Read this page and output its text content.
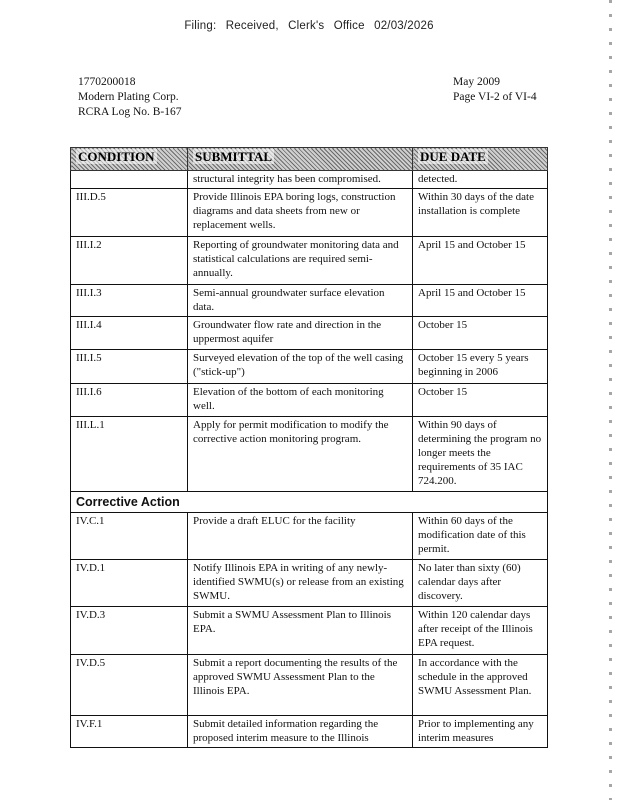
Filing: Received, Clerk's Office 02/03/2026
1770200018
Modern Plating Corp.
RCRA Log No. B-167
May 2009
Page VI-2 of VI-4
CONDITION	SUBMITTAL	DUE DATE
	structural integrity has been compromised.	detected.
III.D.5	Provide Illinois EPA boring logs, construction diagrams and data sheets from new or replacement wells.	Within 30 days of the date installation is complete
III.I.2	Reporting of groundwater monitoring data and statistical calculations are required semi-annually.	April 15 and October 15
III.I.3	Semi-annual groundwater surface elevation data.	April 15 and October 15
III.I.4	Groundwater flow rate and direction in the uppermost aquifer	October 15
III.I.5	Surveyed elevation of the top of the well casing ("stick-up")	October 15 every 5 years beginning in 2006
III.I.6	Elevation of the bottom of each monitoring well.	October 15
III.L.1	Apply for permit modification to modify the corrective action monitoring program.	Within 90 days of determining the program no longer meets the requirements of 35 IAC 724.200.
Corrective Action		
IV.C.1	Provide a draft ELUC for the facility	Within 60 days of the modification date of this permit.
IV.D.1	Notify Illinois EPA in writing of any newly-identified SWMU(s) or release from an existing SWMU.	No later than sixty (60) calendar days after discovery.
IV.D.3	Submit a SWMU Assessment Plan to Illinois EPA.	Within 120 calendar days after receipt of the Illinois EPA request.
IV.D.5	Submit a report documenting the results of the approved SWMU Assessment Plan to the Illinois EPA.	In accordance with the schedule in the approved SWMU Assessment Plan.
IV.F.1	Submit detailed information regarding the proposed interim measure to the Illinois	Prior to implementing any interim measures
